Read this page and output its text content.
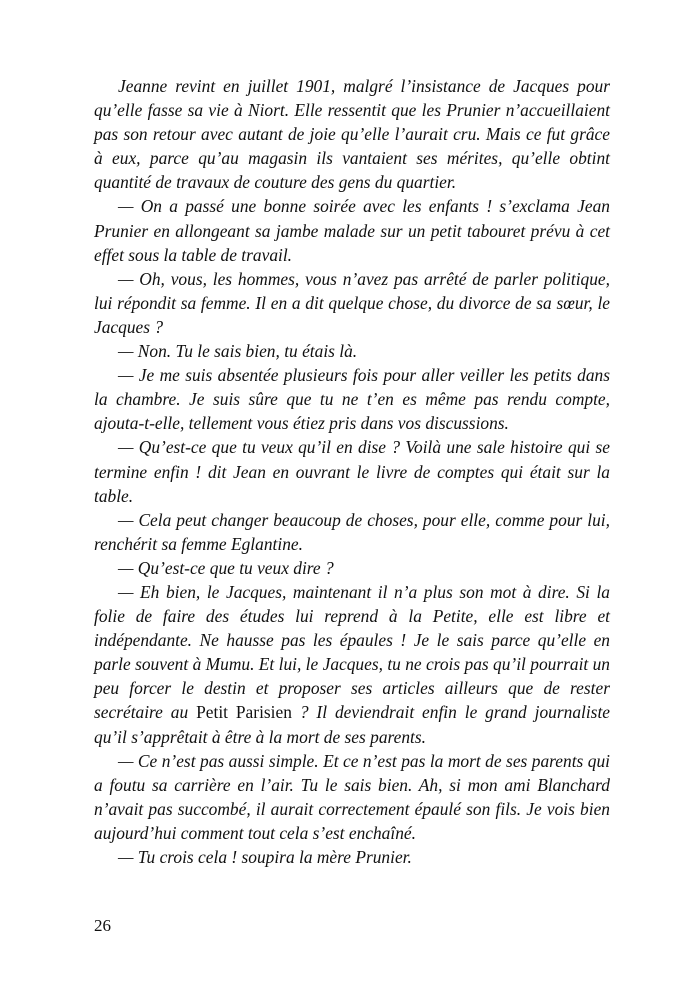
Jeanne revint en juillet 1901, malgré l’insistance de Jacques pour qu’elle fasse sa vie à Niort. Elle ressentit que les Prunier n’accueillaient pas son retour avec autant de joie qu’elle l’aurait cru. Mais ce fut grâce à eux, parce qu’au magasin ils vantaient ses mérites, qu’elle obtint quantité de travaux de couture des gens du quartier.

— On a passé une bonne soirée avec les enfants ! s’exclama Jean Prunier en allongeant sa jambe malade sur un petit tabouret prévu à cet effet sous la table de travail.

— Oh, vous, les hommes, vous n’avez pas arrêté de parler politique, lui répondit sa femme. Il en a dit quelque chose, du divorce de sa sœur, le Jacques ?

— Non. Tu le sais bien, tu étais là.

— Je me suis absentée plusieurs fois pour aller veiller les petits dans la chambre. Je suis sûre que tu ne t’en es même pas rendu compte, ajouta-t-elle, tellement vous étiez pris dans vos discussions.

— Qu’est-ce que tu veux qu’il en dise ? Voilà une sale histoire qui se termine enfin ! dit Jean en ouvrant le livre de comptes qui était sur la table.

— Cela peut changer beaucoup de choses, pour elle, comme pour lui, renchérit sa femme Eglantine.

— Qu’est-ce que tu veux dire ?

— Eh bien, le Jacques, maintenant il n’a plus son mot à dire. Si la folie de faire des études lui reprend à la Petite, elle est libre et indépendante. Ne hausse pas les épaules ! Je le sais parce qu’elle en parle souvent à Mumu. Et lui, le Jacques, tu ne crois pas qu’il pourrait un peu forcer le destin et proposer ses articles ailleurs que de rester secrétaire au Petit Parisien ? Il deviendrait enfin le grand journaliste qu’il s’apprêtait à être à la mort de ses parents.

— Ce n’est pas aussi simple. Et ce n’est pas la mort de ses parents qui a foutu sa carrière en l’air. Tu le sais bien. Ah, si mon ami Blanchard n’avait pas succombé, il aurait correctement épaulé son fils. Je vois bien aujourd’hui comment tout cela s’est enchaîné.

— Tu crois cela ! soupira la mère Prunier.

26
